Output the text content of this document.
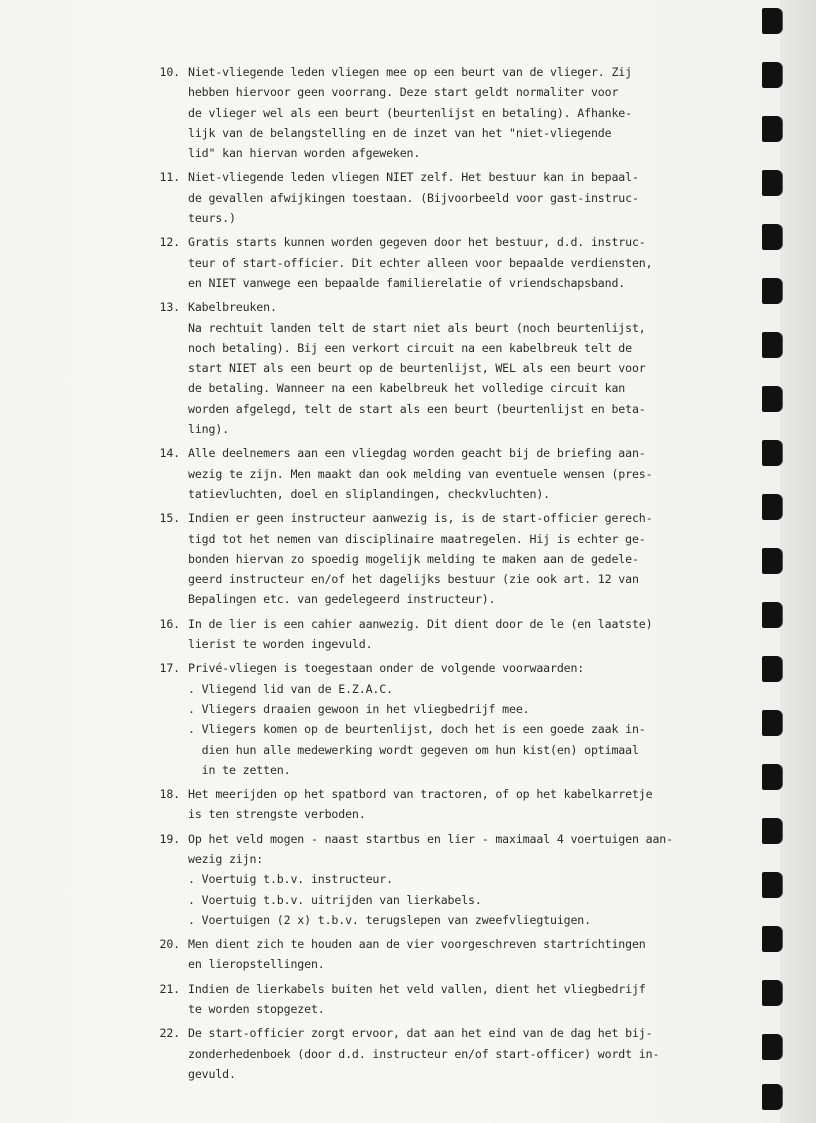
10. Niet-vliegende leden vliegen mee op een beurt van de vlieger. Zij
hebben hiervoor geen voorrang. Deze start geldt normaliter voor
de vlieger wel als een beurt (beurtenlijst en betaling). Afhanke-
lijk van de belangstelling en de inzet van het "niet-vliegende
lid" kan hiervan worden afgeweken.
11. Niet-vliegende leden vliegen NIET zelf. Het bestuur kan in bepaal-
de gevallen afwijkingen toestaan. (Bijvoorbeeld voor gast-instruc-
teurs.)
12. Gratis starts kunnen worden gegeven door het bestuur, d.d. instruc-
teur of start-officier. Dit echter alleen voor bepaalde verdiensten,
en NIET vanwege een bepaalde familierelatie of vriendschapsband.
13. Kabelbreuken.
Na rechtuit landen telt de start niet als beurt (noch beurtenlijst,
noch betaling). Bij een verkort circuit na een kabelbreuk telt de
start NIET als een beurt op de beurtenlijst, WEL als een beurt voor
de betaling. Wanneer na een kabelbreuk het volledige circuit kan
worden afgelegd, telt de start als een beurt (beurtenlijst en beta-
ling).
14. Alle deelnemers aan een vliegdag worden geacht bij de briefing aan-
wezig te zijn. Men maakt dan ook melding van eventuele wensen (pres-
tatievluchten, doel en sliplandingen, checkvluchten).
15. Indien er geen instructeur aanwezig is, is de start-officier gerech-
tigd tot het nemen van disciplinaire maatregelen. Hij is echter ge-
bonden hiervan zo spoedig mogelijk melding te maken aan de gedele-
geerd instructeur en/of het dagelijks bestuur (zie ook art. 12 van
Bepalingen etc. van gedelegeerd instructeur).
16. In de lier is een cahier aanwezig. Dit dient door de le (en laatste)
lierist te worden ingevuld.
17. Privé-vliegen is toegestaan onder de volgende voorwaarden:
. Vliegend lid van de E.Z.A.C.
. Vliegers draaien gewoon in het vliegbedrijf mee.
. Vliegers komen op de beurtenlijst, doch het is een goede zaak in-
dien hun alle medewerking wordt gegeven om hun kist(en) optimaal
in te zetten.
18. Het meerijden op het spatbord van tractoren, of op het kabelkarretje
is ten strengste verboden.
19. Op het veld mogen - naast startbus en lier - maximaal 4 voertuigen aan-
wezig zijn:
. Voertuig t.b.v. instructeur.
. Voertuig t.b.v. uitrijden van lierkabels.
. Voertuigen (2 x) t.b.v. terugslepen van zweefvliegtuigen.
20. Men dient zich te houden aan de vier voorgeschreven startrichtingen
en lieropstellingen.
21. Indien de lierkabels buiten het veld vallen, dient het vliegbedrijf
te worden stopgezet.
22. De start-officier zorgt ervoor, dat aan het eind van de dag het bij-
zonderhedenboek (door d.d. instructeur en/of start-officer) wordt in-
gevuld.
